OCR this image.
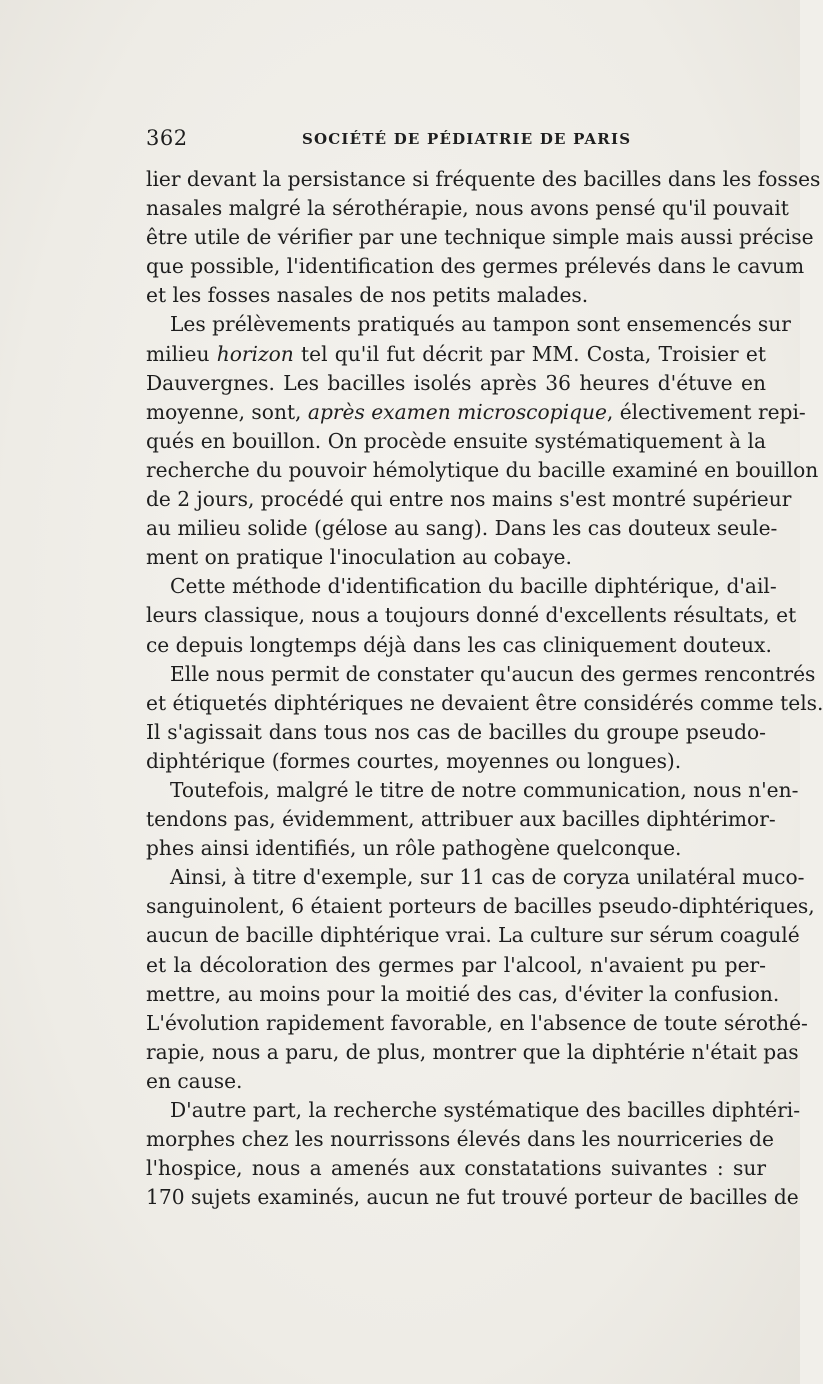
362	SOCIÉTÉ DE PÉDIATRIE DE PARIS
lier devant la persistance si fréquente des bacilles dans les fosses
nasales malgré la sérothérapie, nous avons pensé qu'il pouvait
être utile de vérifier par une technique simple mais aussi précise
que possible, l'identification des germes prélevés dans le cavum
et les fosses nasales de nos petits malades.
Les prélèvements pratiqués au tampon sont ensemencés sur
milieu horizon tel qu'il fut décrit par MM. Costa, Troisier et
Dauvergnes. Les bacilles isolés après 36 heures d'étuve en
moyenne, sont, après examen microscopique, électivement repi-
qués en bouillon. On procède ensuite systématiquement à la
recherche du pouvoir hémolytique du bacille examiné en bouillon
de 2 jours, procédé qui entre nos mains s'est montré supérieur
au milieu solide (gélose au sang). Dans les cas douteux seule-
ment on pratique l'inoculation au cobaye.
Cette méthode d'identification du bacille diphtérique, d'ail-
leurs classique, nous a toujours donné d'excellents résultats, et
ce depuis longtemps déjà dans les cas cliniquement douteux.
Elle nous permit de constater qu'aucun des germes rencontrés
et étiquetés diphtériques ne devaient être considérés comme tels.
Il s'agissait dans tous nos cas de bacilles du groupe pseudo-
diphtérique (formes courtes, moyennes ou longues).
Toutefois, malgré le titre de notre communication, nous n'en-
tendons pas, évidemment, attribuer aux bacilles diphtérimor-
phes ainsi identifiés, un rôle pathogène quelconque.
Ainsi, à titre d'exemple, sur 11 cas de coryza unilatéral muco-
sanguinolent, 6 étaient porteurs de bacilles pseudo-diphtériques,
aucun de bacille diphtérique vrai. La culture sur sérum coagulé
et la décoloration des germes par l'alcool, n'avaient pu per-
mettre, au moins pour la moitié des cas, d'éviter la confusion.
L'évolution rapidement favorable, en l'absence de toute sérothé-
rapie, nous a paru, de plus, montrer que la diphtérie n'était pas
en cause.
D'autre part, la recherche systématique des bacilles diphtéri-
morphes chez les nourrissons élevés dans les nourriceries de
l'hospice, nous a amenés aux constatations suivantes : sur
170 sujets examinés, aucun ne fut trouvé porteur de bacilles de
